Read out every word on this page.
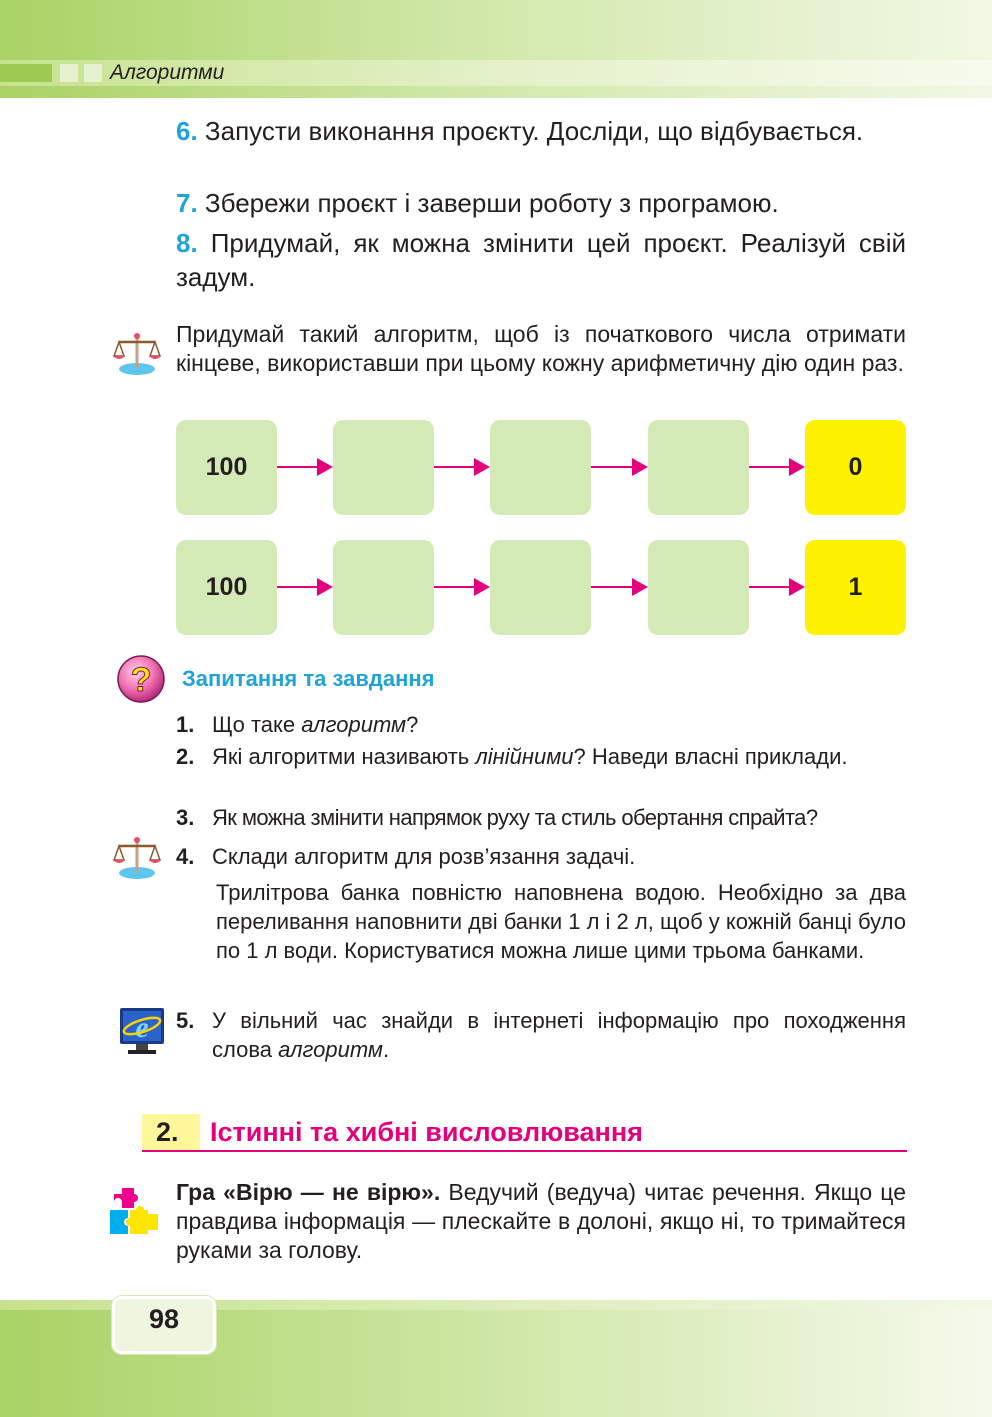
Алгоритми
6. Запусти виконання проєкту. Досліди, що відбувається.
7. Збережи проєкт і заверши роботу з програмою.
8. Придумай, як можна змінити цей проєкт. Реалізуй свій задум.
Придумай такий алгоритм, щоб із початкового числа отримати кінцеве, використавши при цьому кожну арифметичну дію один раз.
100	0
100	1
? Запитання та завдання
1. Що таке алгоритм?
2. Які алгоритми називають лінійними? Наведи власні приклади.
3. Як можна змінити напрямок руху та стиль обертання спрайта?
4. Склади алгоритм для розв’язання задачі.
Трилітрова банка повністю наповнена водою. Необхідно за два переливання наповнити дві банки 1 л і 2 л, щоб у кожній банці було по 1 л води. Користуватися можна лише цими трьома банками.
e 5. У вільний час знайди в інтернеті інформацію про походження слова алгоритм.
2. Істинні та хибні висловлювання
Гра «Вірю — не вірю». Ведучий (ведуча) читає речення. Якщо це правдива інформація — плескайте в долоні, якщо ні, то тримайтеся руками за голову.
98
